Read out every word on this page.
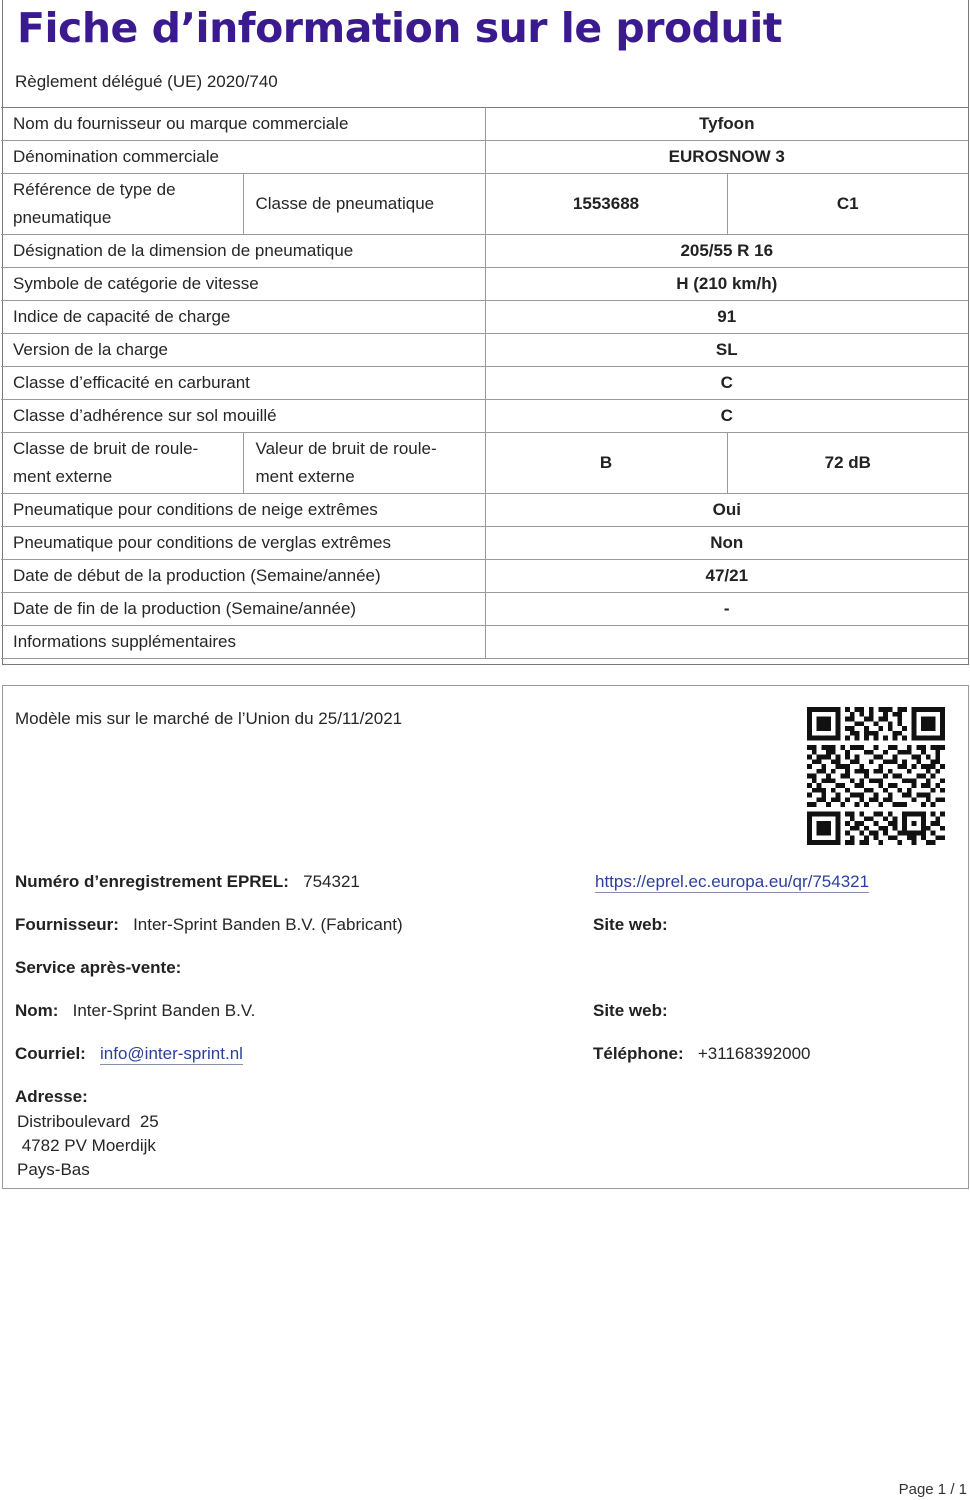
Fiche d’information sur le produit
Règlement délégué (UE) 2020/740
Nom du fournisseur ou marque commerciale		Tyfoon	
Dénomination commerciale		EUROSNOW 3	
Référence de type de pneumatique	Classe de pneumatique	1553688	C1
Désignation de la dimension de pneumatique		205/55 R 16	
Symbole de catégorie de vitesse		H (210 km/h)	
Indice de capacité de charge		91	
Version de la charge		SL	
Classe d’efficacité en carburant		C	
Classe d’adhérence sur sol mouillé		C	
Classe de bruit de roule-ment externe	Valeur de bruit de roule-ment externe	B	72 dB
Pneumatique pour conditions de neige extrêmes		Oui	
Pneumatique pour conditions de verglas extrêmes		Non	
Date de début de la production (Semaine/année)		47/21	
Date de fin de la production (Semaine/année)		-	
Informations supplémentaires			
Modèle mis sur le marché de l’Union du 25/11/2021
Numéro d’enregistrement EPREL: 754321	https://eprel.ec.europa.eu/qr/754321
Fournisseur: Inter-Sprint Banden B.V. (Fabricant)	Site web:
Service après-vente:
Nom: Inter-Sprint Banden B.V.	Site web:
Courriel: info@inter-sprint.nl	Téléphone: +31168392000
Adresse:
Distriboulevard  25
4782 PV Moerdijk
Pays-Bas
Page 1 / 1
